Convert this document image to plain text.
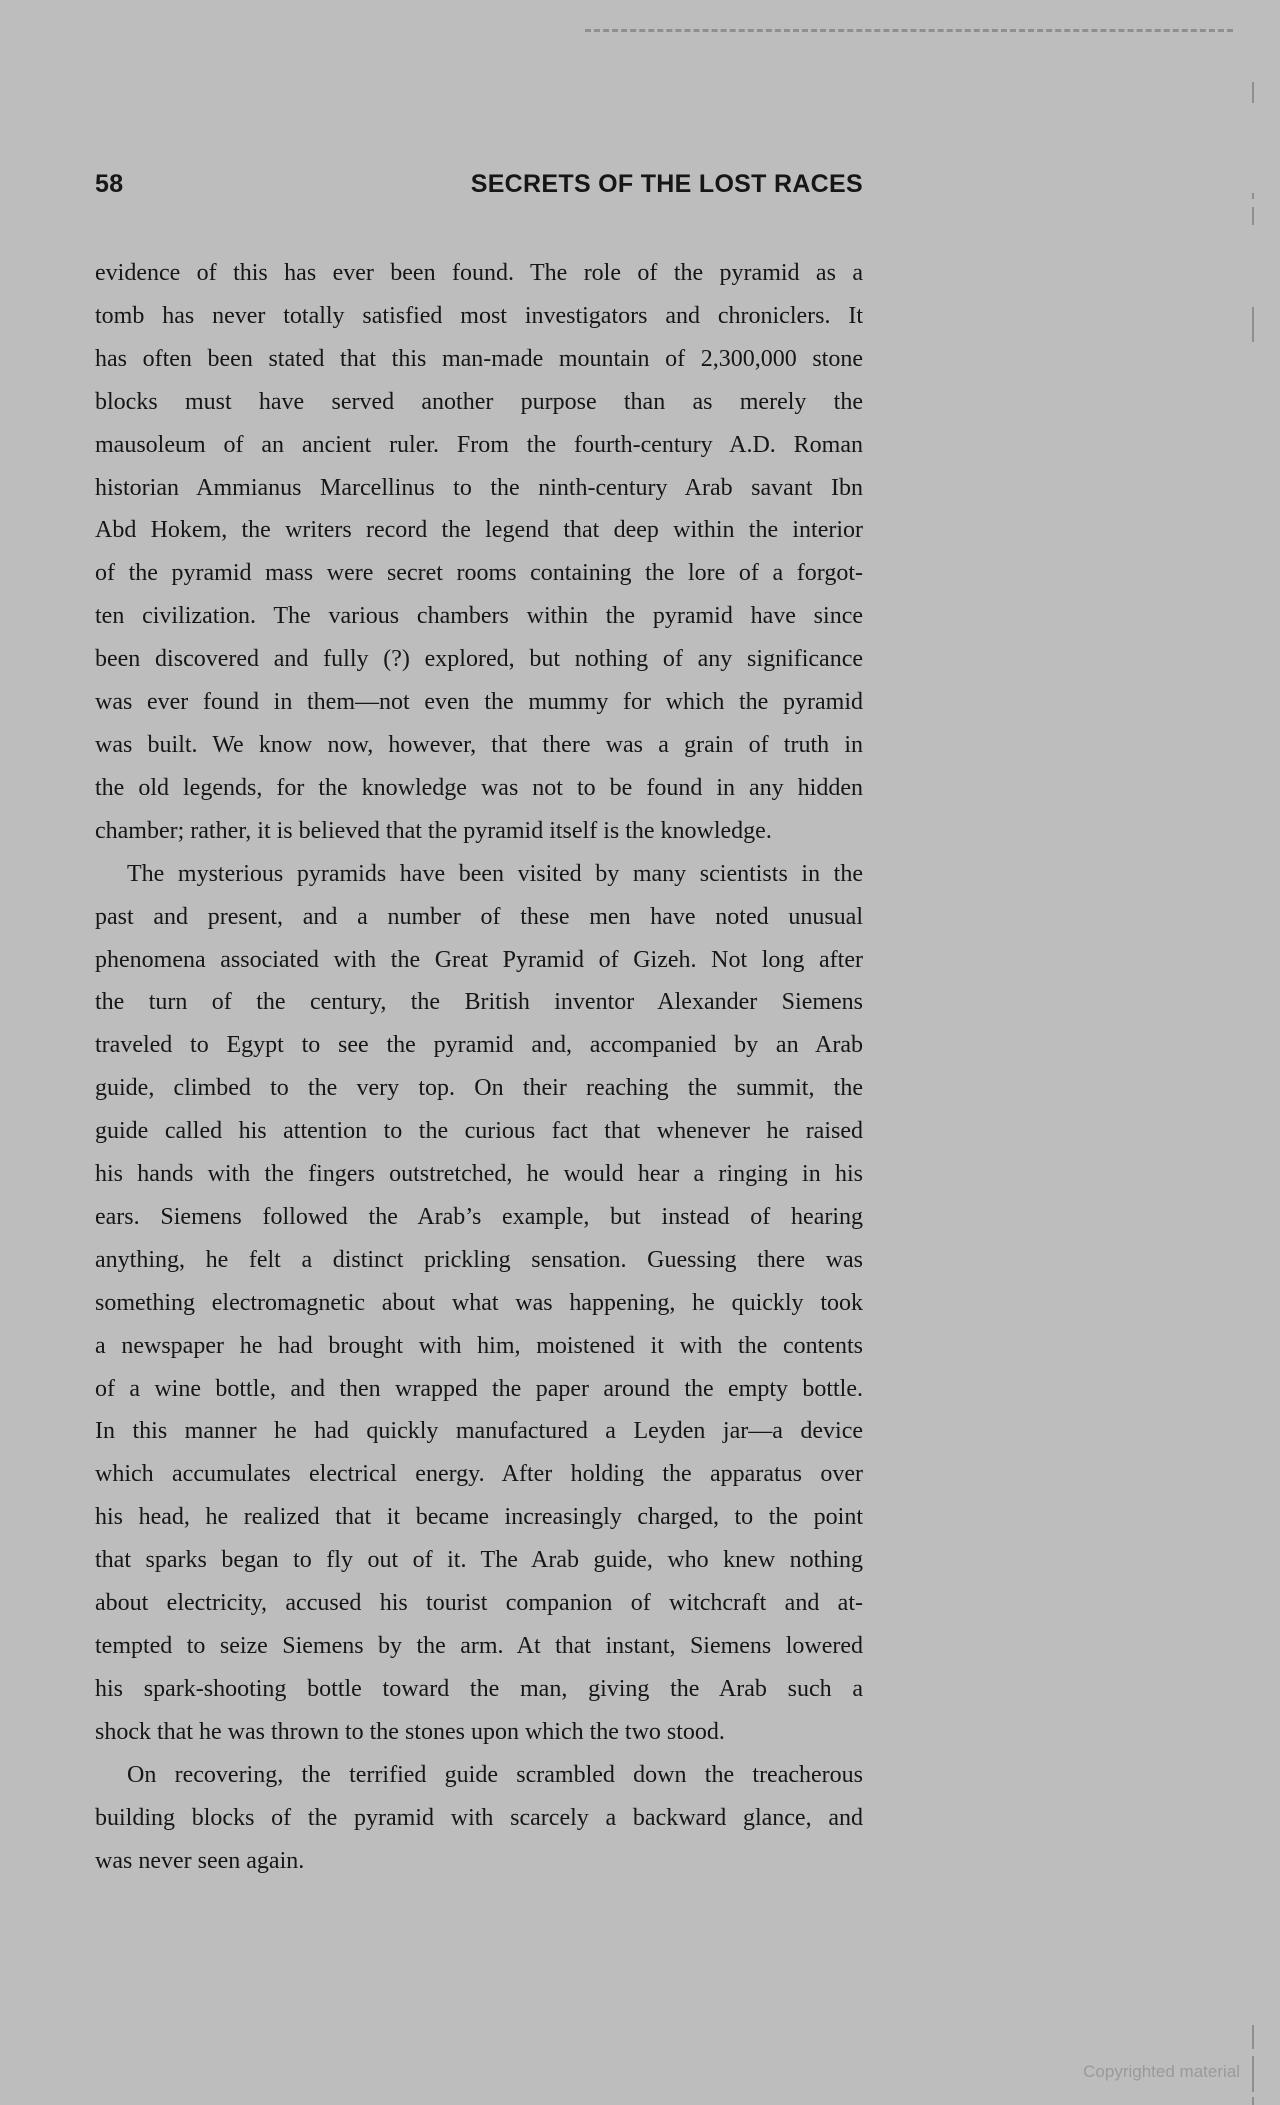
58	SECRETS OF THE LOST RACES
evidence of this has ever been found. The role of the pyramid as a
tomb has never totally satisfied most investigators and chroniclers. It
has often been stated that this man-made mountain of 2,300,000 stone
blocks must have served another purpose than as merely the
mausoleum of an ancient ruler. From the fourth-century A.D. Roman
historian Ammianus Marcellinus to the ninth-century Arab savant Ibn
Abd Hokem, the writers record the legend that deep within the interior
of the pyramid mass were secret rooms containing the lore of a forgot-
ten civilization. The various chambers within the pyramid have since
been discovered and fully (?) explored, but nothing of any significance
was ever found in them—not even the mummy for which the pyramid
was built. We know now, however, that there was a grain of truth in
the old legends, for the knowledge was not to be found in any hidden
chamber; rather, it is believed that the pyramid itself is the knowledge.
The mysterious pyramids have been visited by many scientists in the
past and present, and a number of these men have noted unusual
phenomena associated with the Great Pyramid of Gizeh. Not long after
the turn of the century, the British inventor Alexander Siemens
traveled to Egypt to see the pyramid and, accompanied by an Arab
guide, climbed to the very top. On their reaching the summit, the
guide called his attention to the curious fact that whenever he raised
his hands with the fingers outstretched, he would hear a ringing in his
ears. Siemens followed the Arab’s example, but instead of hearing
anything, he felt a distinct prickling sensation. Guessing there was
something electromagnetic about what was happening, he quickly took
a newspaper he had brought with him, moistened it with the contents
of a wine bottle, and then wrapped the paper around the empty bottle.
In this manner he had quickly manufactured a Leyden jar—a device
which accumulates electrical energy. After holding the apparatus over
his head, he realized that it became increasingly charged, to the point
that sparks began to fly out of it. The Arab guide, who knew nothing
about electricity, accused his tourist companion of witchcraft and at-
tempted to seize Siemens by the arm. At that instant, Siemens lowered
his spark-shooting bottle toward the man, giving the Arab such a
shock that he was thrown to the stones upon which the two stood.
On recovering, the terrified guide scrambled down the treacherous
building blocks of the pyramid with scarcely a backward glance, and
was never seen again.
Copyrighted material
